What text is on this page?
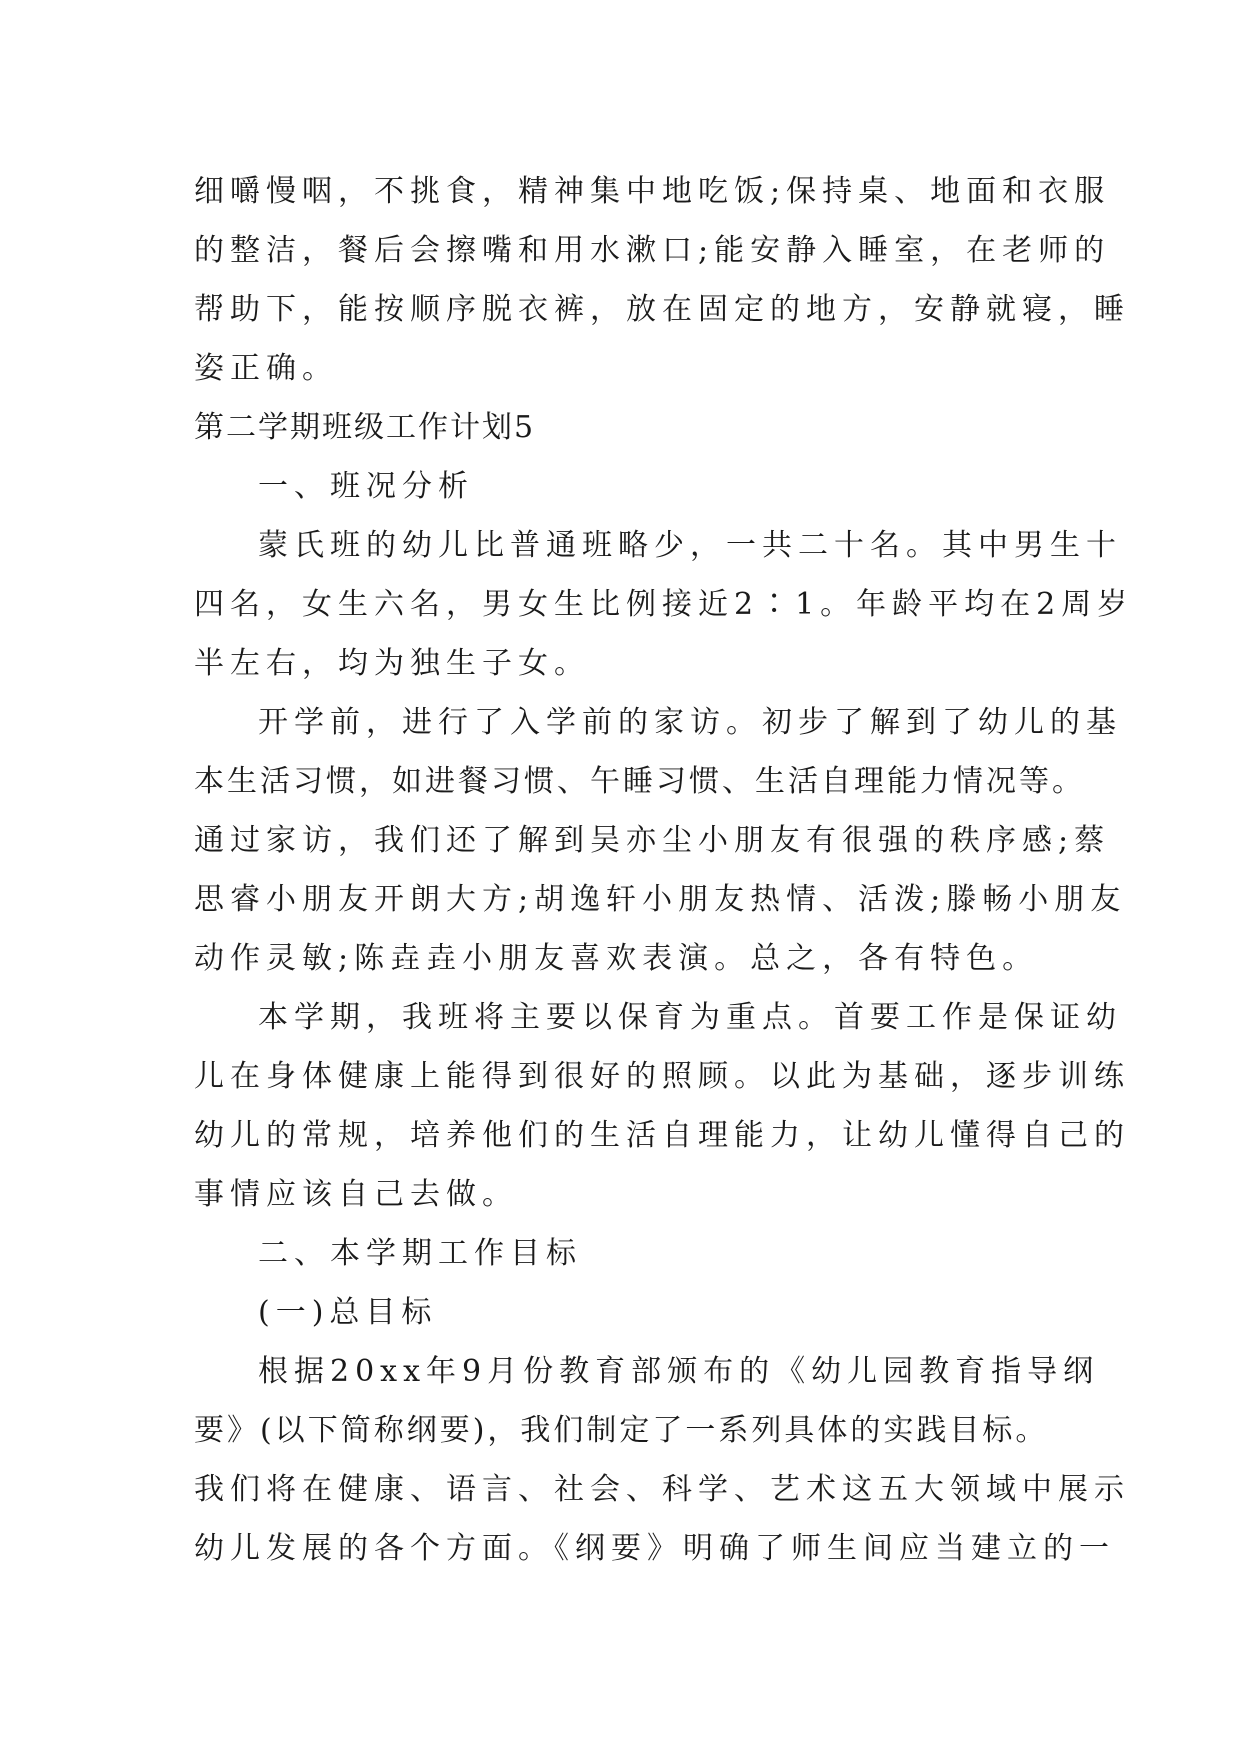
细嚼慢咽，不挑食，精神集中地吃饭;保持桌、地面和衣服
的整洁，餐后会擦嘴和用水漱口;能安静入睡室，在老师的
帮助下，能按顺序脱衣裤，放在固定的地方，安静就寝，睡
姿正确。
第二学期班级工作计划5
一、班况分析
蒙氏班的幼儿比普通班略少，一共二十名。其中男生十
四名，女生六名，男女生比例接近2∶1。年龄平均在2周岁
半左右，均为独生子女。
开学前，进行了入学前的家访。初步了解到了幼儿的基
本生活习惯，如进餐习惯、午睡习惯、生活自理能力情况等。
通过家访，我们还了解到吴亦尘小朋友有很强的秩序感;蔡
思睿小朋友开朗大方;胡逸轩小朋友热情、活泼;滕畅小朋友
动作灵敏;陈垚垚小朋友喜欢表演。总之，各有特色。
本学期，我班将主要以保育为重点。首要工作是保证幼
儿在身体健康上能得到很好的照顾。以此为基础，逐步训练
幼儿的常规，培养他们的生活自理能力，让幼儿懂得自己的
事情应该自己去做。
二、本学期工作目标
(一)总目标
根据20xx年9月份教育部颁布的《幼儿园教育指导纲
要》(以下简称纲要)，我们制定了一系列具体的实践目标。
我们将在健康、语言、社会、科学、艺术这五大领域中展示
幼儿发展的各个方面。《纲要》明确了师生间应当建立的一
